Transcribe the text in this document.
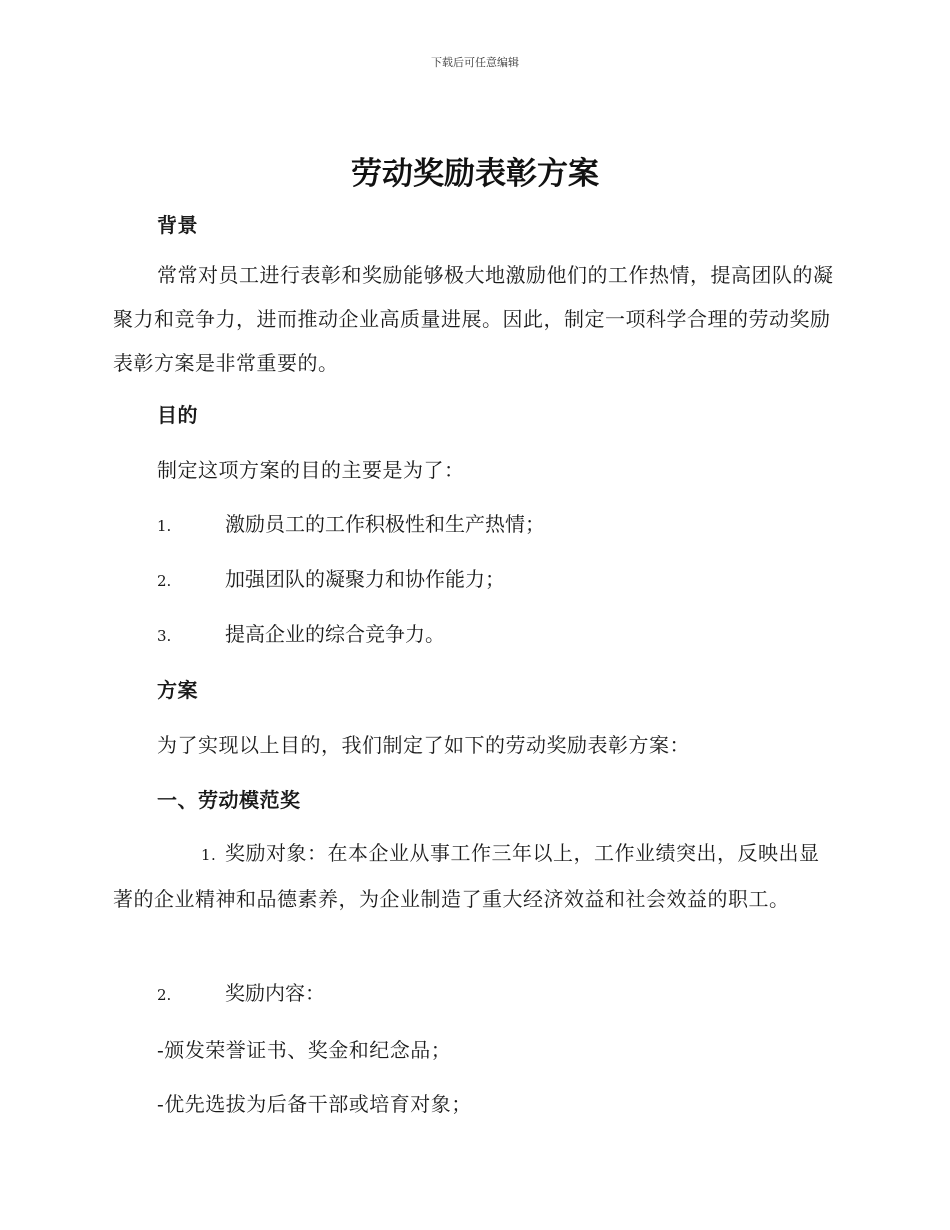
下载后可任意编辑
劳动奖励表彰方案
背景
常常对员工进行表彰和奖励能够极大地激励他们的工作热情，提高团队的凝聚力和竞争力，进而推动企业高质量进展。因此，制定一项科学合理的劳动奖励表彰方案是非常重要的。
目的
制定这项方案的目的主要是为了：
1.	激励员工的工作积极性和生产热情；
2.	加强团队的凝聚力和协作能力；
3.	提高企业的综合竞争力。
方案
为了实现以上目的，我们制定了如下的劳动奖励表彰方案：
一、劳动模范奖
1. 奖励对象：在本企业从事工作三年以上，工作业绩突出，反映出显著的企业精神和品德素养，为企业制造了重大经济效益和社会效益的职工。
2.	奖励内容：
-颁发荣誉证书、奖金和纪念品；
-优先选拔为后备干部或培育对象；
